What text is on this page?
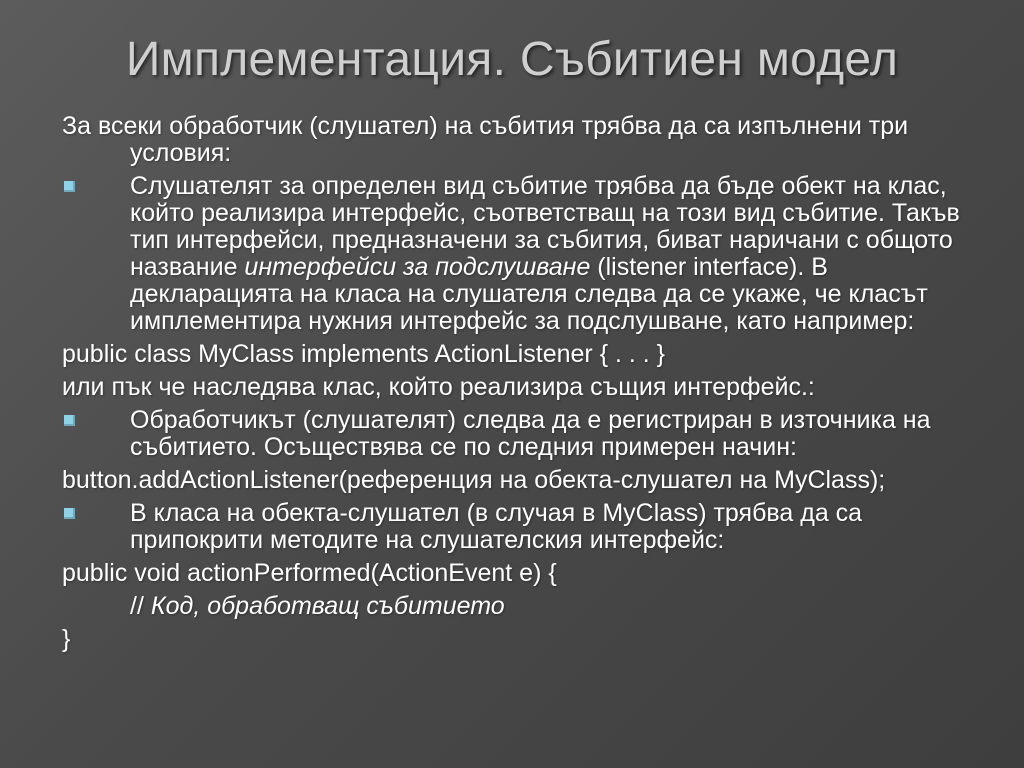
Имплементация. Събитиен модел
За всеки обработчик (слушател) на събития трябва да са изпълнени три условия:
Слушателят за определен вид събитие трябва да бъде обект на клас, който реализира интерфейс, съответстващ на този вид събитие. Такъв тип интерфейси, предназначени за събития, биват наричани с общото название интерфейси за подслушване (listener interface). В декларацията на класа на слушателя следва да се укаже, че класът имплементира нужния интерфейс за подслушване, като например:
public class MyClass implements ActionListener { . . . }
или пък че наследява клас, който реализира същия интерфейс.:
Обработчикът (слушателят) следва да е регистриран в източника на събитието. Осъществява се по следния примерен начин:
button.addActionListener(референция на обекта-слушател на MyClass);
В класа на обекта-слушател (в случая в MyClass) трябва да са припокрити методите на слушателския интерфейс:
public void actionPerformed(ActionEvent e) {
// Код, обработващ събитието
}
